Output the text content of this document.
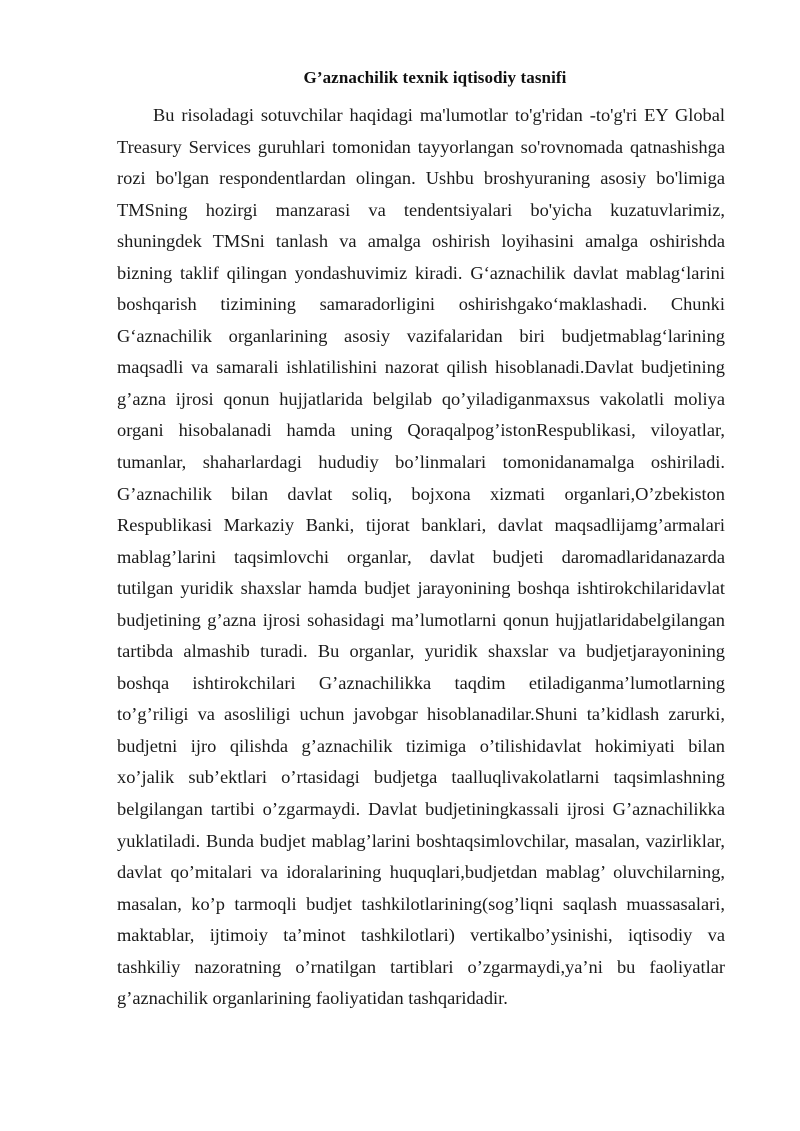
G’aznachilik texnik iqtisodiy tasnifi
Bu risoladagi sotuvchilar haqidagi ma'lumotlar to'g'ridan -to'g'ri EY Global
Treasury Services guruhlari tomonidan tayyorlangan so'rovnomada qatnashishga
rozi bo'lgan respondentlardan olingan. Ushbu broshyuraning asosiy bo'limiga
TMSning hozirgi manzarasi va tendentsiyalari bo'yicha kuzatuvlarimiz,
shuningdek TMSni tanlash va amalga oshirish loyihasini amalga oshirishda
bizning taklif qilingan yondashuvimiz kiradi. G‘aznachilik davlat mablag‘larini
boshqarish tizimining samaradorligini oshirishgako‘maklashadi. Chunki
G‘aznachilik organlarining asosiy vazifalaridan biri budjetmablag‘larining
maqsadli va samarali ishlatilishini nazorat qilish hisoblanadi.Davlat budjetining
g’azna ijrosi qonun hujjatlarida belgilab qo’yiladiganmaxsus vakolatli moliya
organi hisobalanadi hamda uning Qoraqalpog’istonRespublikasi, viloyatlar,
tumanlar, shaharlardagi hududiy bo’linmalari tomonidanamalga oshiriladi.
G’aznachilik bilan davlat soliq, bojxona xizmati organlari,O’zbekiston
Respublikasi Markaziy Banki, tijorat banklari, davlat maqsadlijamg’armalari
mablag’larini taqsimlovchi organlar, davlat budjeti daromadlaridanazarda
tutilgan yuridik shaxslar hamda budjet jarayonining boshqa ishtirokchilaridavlat
budjetining g’azna ijrosi sohasidagi ma’lumotlarni qonun hujjatlaridabelgilangan
tartibda almashib turadi. Bu organlar, yuridik shaxslar va budjetjarayonining
boshqa ishtirokchilari G’aznachilikka taqdim etiladiganma’lumotlarning
to’g’riligi va asosliligi uchun javobgar hisoblanadilar.Shuni ta’kidlash zarurki,
budjetni ijro qilishda g’aznachilik tizimiga o’tilishidavlat hokimiyati bilan
xo’jalik sub’ektlari o’rtasidagi budjetga taalluqlivakolatlarni taqsimlashning
belgilangan tartibi o’zgarmaydi. Davlat budjetiningkassali ijrosi G’aznachilikka
yuklatiladi. Bunda budjet mablag’larini boshtaqsimlovchilar, masalan, vazirliklar,
davlat qo’mitalari va idoralarining huquqlari,budjetdan mablag’ oluvchilarning,
masalan, ko’p tarmoqli budjet tashkilotlarining(sog’liqni saqlash muassasalari,
maktablar, ijtimoiy ta’minot tashkilotlari) vertikalbo’ysinishi, iqtisodiy va
tashkiliy nazoratning o’rnatilgan tartiblari o’zgarmaydi,ya’ni bu faoliyatlar
g’aznachilik organlarining faoliyatidan tashqaridadir.
